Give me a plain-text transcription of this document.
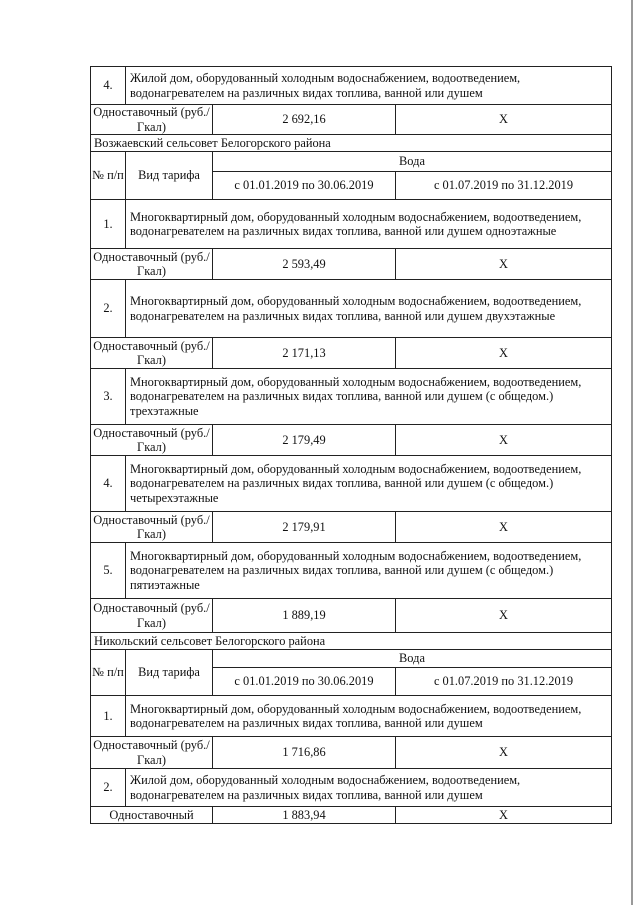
4.	Жилой дом, оборудованный холодным водоснабжением, водоотведением, водонагревателем на различных видах топлива, ванной или душем		
Одноставочный (руб./Гкал)		2 692,16	Х
Возжаевский сельсовет Белогорского района			
№ п/п	Вид тарифа	Вода	
		с 01.01.2019 по 30.06.2019	с 01.07.2019 по 31.12.2019
1.	Многоквартирный дом, оборудованный холодным водоснабжением, водоотведением, водонагревателем на различных видах топлива, ванной или душем одноэтажные		
Одноставочный (руб./Гкал)		2 593,49	Х
2.	Многоквартирный дом, оборудованный холодным водоснабжением, водоотведением, водонагревателем на различных видах топлива, ванной или душем двухэтажные		
Одноставочный (руб./Гкал)		2 171,13	Х
3.	Многоквартирный дом, оборудованный холодным водоснабжением, водоотведением, водонагревателем на различных видах топлива, ванной или душем (с общедом.) трехэтажные		
Одноставочный (руб./Гкал)		2 179,49	Х
4.	Многоквартирный дом, оборудованный холодным водоснабжением, водоотведением, водонагревателем на различных видах топлива, ванной или душем (с общедом.) четырехэтажные		
Одноставочный (руб./Гкал)		2 179,91	Х
5.	Многоквартирный дом, оборудованный холодным водоснабжением, водоотведением, водонагревателем на различных видах топлива, ванной или душем (с общедом.) пятиэтажные		
Одноставочный (руб./Гкал)		1 889,19	Х
Никольский сельсовет Белогорского района			
№ п/п	Вид тарифа	Вода	
		с 01.01.2019 по 30.06.2019	с 01.07.2019 по 31.12.2019
1.	Многоквартирный дом, оборудованный холодным водоснабжением, водоотведением, водонагревателем на различных видах топлива, ванной или душем		
Одноставочный (руб./Гкал)		1 716,86	Х
2.	Жилой дом, оборудованный холодным водоснабжением, водоотведением, водонагревателем на различных видах топлива, ванной или душем		
Одноставочный		1 883,94	Х
